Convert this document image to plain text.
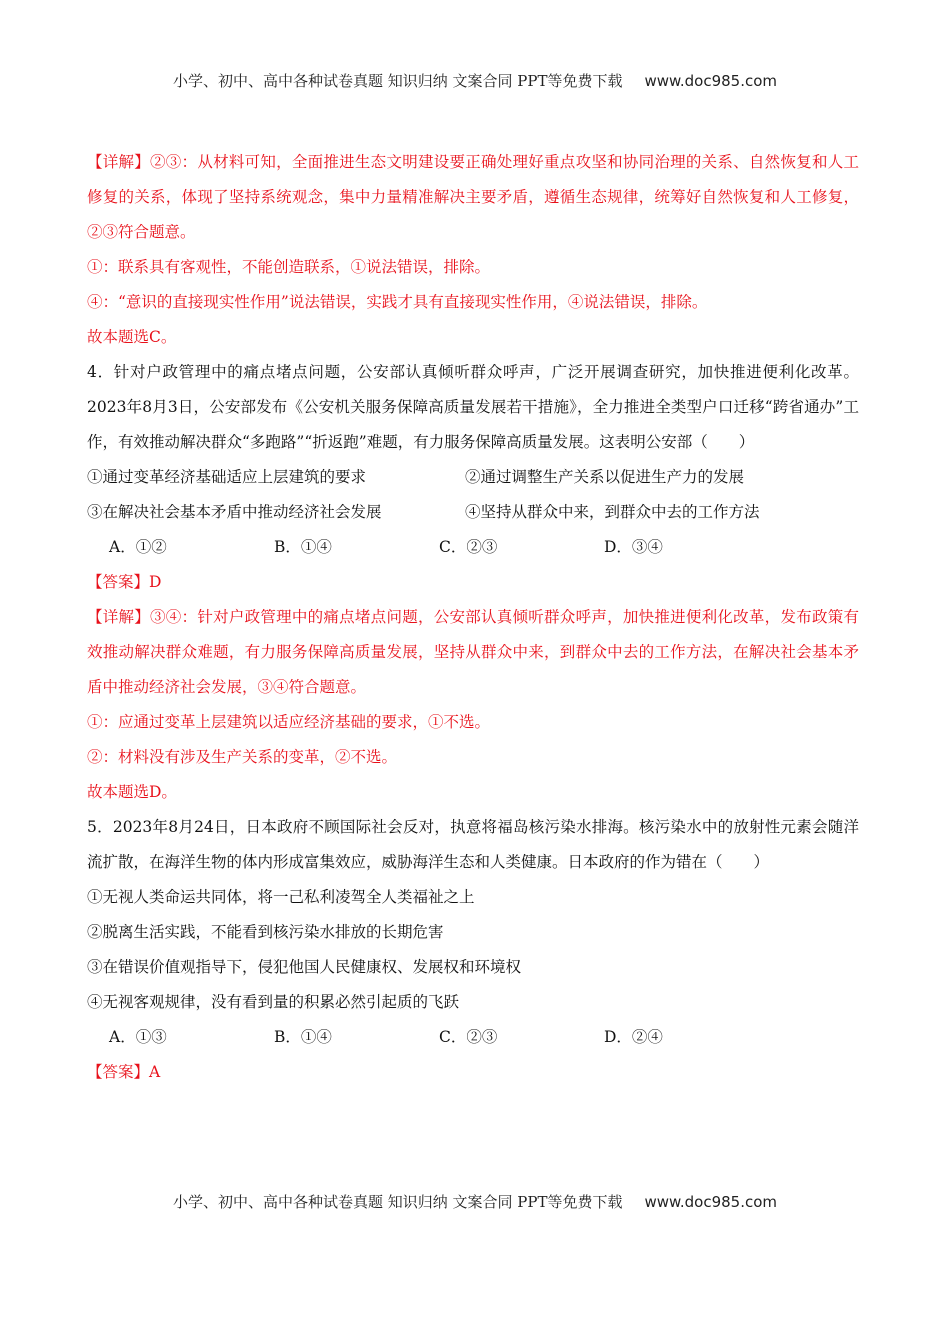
小学、初中、高中各种试卷真题 知识归纳 文案合同 PPT等免费下载 www.doc985.com

【详解】②③：从材料可知，全面推进生态文明建设要正确处理好重点攻坚和协同治理的关系、自然恢复和人工修复的关系，体现了坚持系统观念，集中力量精准解决主要矛盾，遵循生态规律，统筹好自然恢复和人工修复，②③符合题意。

①：联系具有客观性，不能创造联系，①说法错误，排除。

④：“意识的直接现实性作用”说法错误，实践才具有直接现实性作用，④说法错误，排除。

故本题选C。

4．针对户政管理中的痛点堵点问题，公安部认真倾听群众呼声，广泛开展调查研究，加快推进便利化改革。2023年8月3日，公安部发布《公安机关服务保障高质量发展若干措施》，全力推进全类型户口迁移“跨省通办”工作，有效推动解决群众“多跑路”“折返跑”难题，有力服务保障高质量发展。这表明公安部（　　）

①通过变革经济基础适应上层建筑的要求	②通过调整生产关系以促进生产力的发展
③在解决社会基本矛盾中推动经济社会发展	④坚持从群众中来，到群众中去的工作方法
A．①②	B．①④	C．②③	D．③④

【答案】D

【详解】③④：针对户政管理中的痛点堵点问题，公安部认真倾听群众呼声，加快推进便利化改革，发布政策有效推动解决群众难题，有力服务保障高质量发展，坚持从群众中来，到群众中去的工作方法，在解决社会基本矛盾中推动经济社会发展，③④符合题意。

①：应通过变革上层建筑以适应经济基础的要求，①不选。

②：材料没有涉及生产关系的变革，②不选。

故本题选D。

5．2023年8月24日，日本政府不顾国际社会反对，执意将福岛核污染水排海。核污染水中的放射性元素会随洋流扩散，在海洋生物的体内形成富集效应，威胁海洋生态和人类健康。日本政府的作为错在（　　）

①无视人类命运共同体，将一己私利凌驾全人类福祉之上

②脱离生活实践，不能看到核污染水排放的长期危害

③在错误价值观指导下，侵犯他国人民健康权、发展权和环境权

④无视客观规律，没有看到量的积累必然引起质的飞跃

A．①③	B．①④	C．②③	D．②④

【答案】A

小学、初中、高中各种试卷真题 知识归纳 文案合同 PPT等免费下载 www.doc985.com
